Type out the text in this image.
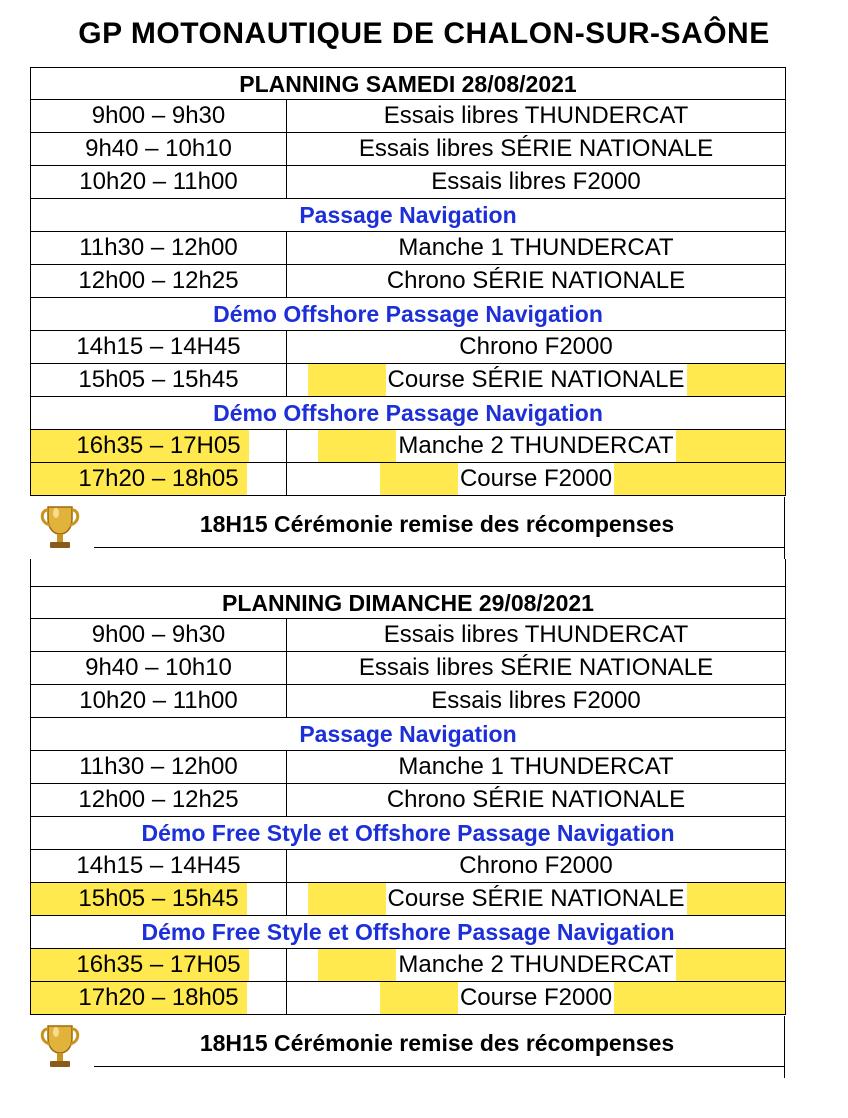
GP MOTONAUTIQUE DE CHALON-SUR-SAÔNE
PLANNING SAMEDI 28/08/2021
9h00 – 9h30	Essais libres THUNDERCAT
9h40 – 10h10	Essais libres SÉRIE NATIONALE
10h20 – 11h00	Essais libres F2000
Passage Navigation
11h30 – 12h00	Manche 1 THUNDERCAT
12h00 – 12h25	Chrono SÉRIE NATIONALE
Démo Offshore Passage Navigation
14h15 – 14H45	Chrono F2000
15h05 – 15h45	Course SÉRIE NATIONALE
Démo Offshore Passage Navigation
16h35 – 17H05	Manche 2 THUNDERCAT
17h20 – 18h05	Course F2000
18H15 Cérémonie remise des récompenses
PLANNING DIMANCHE 29/08/2021
9h00 – 9h30	Essais libres THUNDERCAT
9h40 – 10h10	Essais libres SÉRIE NATIONALE
10h20 – 11h00	Essais libres F2000
Passage Navigation
11h30 – 12h00	Manche 1 THUNDERCAT
12h00 – 12h25	Chrono SÉRIE NATIONALE
Démo Free Style et Offshore Passage Navigation
14h15 – 14H45	Chrono F2000
15h05 – 15h45	Course SÉRIE NATIONALE
Démo Free Style et Offshore Passage Navigation
16h35 – 17H05	Manche 2 THUNDERCAT
17h20 – 18h05	Course F2000
18H15 Cérémonie remise des récompenses
